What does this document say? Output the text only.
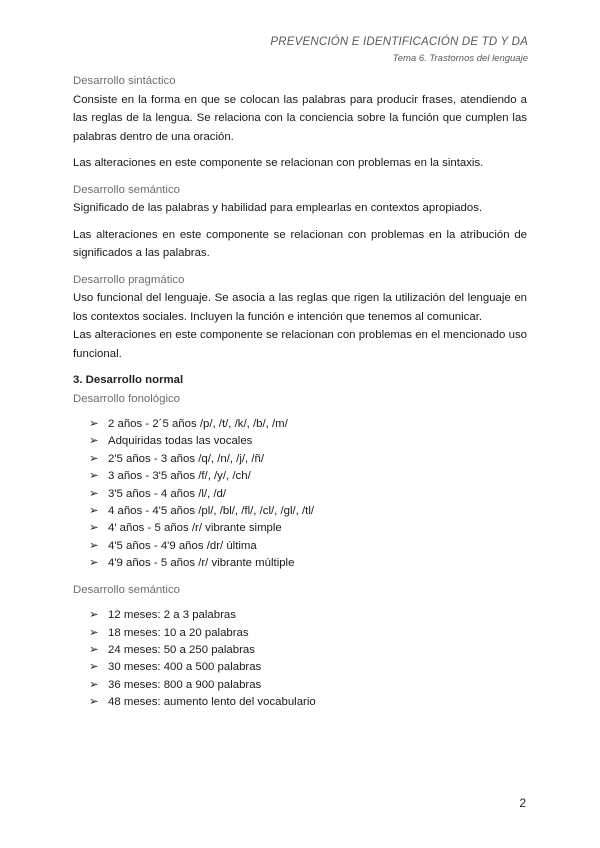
PREVENCIÓN E IDENTIFICACIÓN DE TD Y DA
Tema 6. Trastornos del lenguaje

Desarrollo sintáctico

Consiste en la forma en que se colocan las palabras para producir frases, atendiendo a las reglas de la lengua. Se relaciona con la conciencia sobre la función que cumplen las palabras dentro de una oración.

Las alteraciones en este componente se relacionan con problemas en la sintaxis.

Desarrollo semántico

Significado de las palabras y habilidad para emplearlas en contextos apropiados.

Las alteraciones en este componente se relacionan con problemas en la atribución de significados a las palabras.

Desarrollo pragmático

Uso funcional del lenguaje. Se asocia a las reglas que rigen la utilización del lenguaje en los contextos sociales. Incluyen la función e intención que tenemos al comunicar.

Las alteraciones en este componente se relacionan con problemas en el mencionado uso funcional.

3. Desarrollo normal

Desarrollo fonológico

➢ 2 años - 2´5 años /p/, /t/, /k/, /b/, /m/
➢ Adquiridas todas las vocales
➢ 2'5 años - 3 años /q/, /n/, /j/, /ñ/
➢ 3 años - 3'5 años /f/, /y/, /ch/
➢ 3'5 años - 4 años /l/, /d/
➢ 4 años - 4'5 años /pl/, /bl/, /fl/, /cl/, /gl/, /tl/
➢ 4' años - 5 años /r/ vibrante simple
➢ 4'5 años - 4'9 años /dr/ última
➢ 4'9 años - 5 años /r/ vibrante múltiple

Desarrollo semántico

➢ 12 meses: 2 a 3 palabras
➢ 18 meses: 10 a 20 palabras
➢ 24 meses: 50 a 250 palabras
➢ 30 meses: 400 a 500 palabras
➢ 36 meses: 800 a 900 palabras
➢ 48 meses: aumento lento del vocabulario
2
